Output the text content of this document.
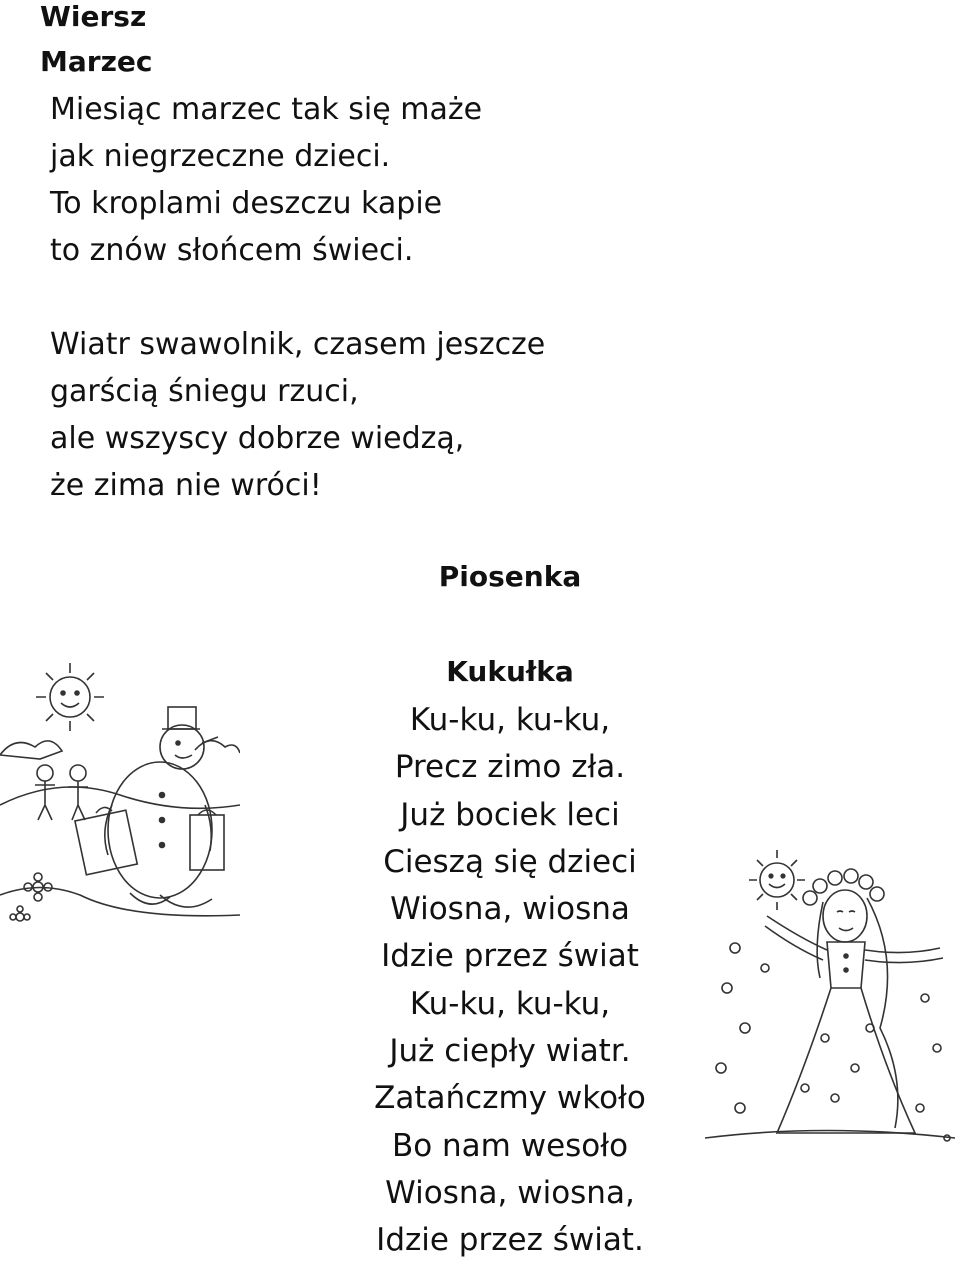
Wiersz
Marzec
Miesiąc marzec tak się maże
jak niegrzeczne dzieci.
To kroplami deszczu kapie
to znów słońcem świeci.
Wiatr swawolnik, czasem jeszcze
garścią śniegu rzuci,
ale wszyscy dobrze wiedzą,
że zima nie wróci!
Piosenka
Kukułka
Ku-ku, ku-ku,
Precz zimo zła.
Już bociek leci
Cieszą się dzieci
Wiosna, wiosna
Idzie przez świat
Ku-ku, ku-ku,
Już ciepły wiatr.
Zatańczmy wkoło
Bo nam wesoło
Wiosna, wiosna,
Idzie przez świat.
